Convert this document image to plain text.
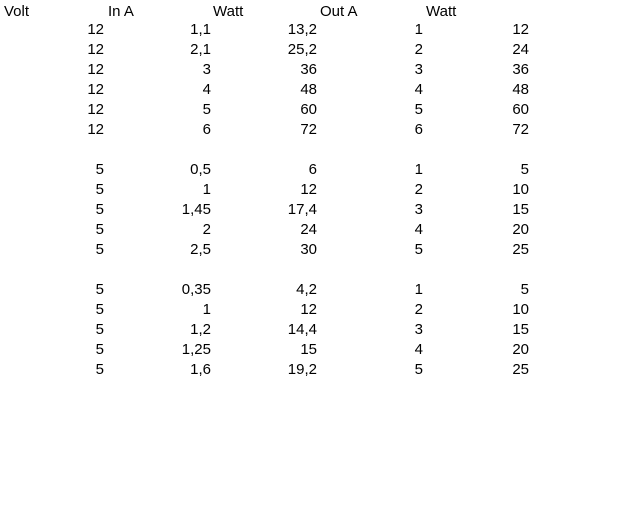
Volt	In A	Watt	Out A	Watt
12	1,1	13,2	1	12
12	2,1	25,2	2	24
12	3	36	3	36
12	4	48	4	48
12	5	60	5	60
12	6	72	6	72
5	0,5	6	1	5
5	1	12	2	10
5	1,45	17,4	3	15
5	2	24	4	20
5	2,5	30	5	25
5	0,35	4,2	1	5
5	1	12	2	10
5	1,2	14,4	3	15
5	1,25	15	4	20
5	1,6	19,2	5	25
